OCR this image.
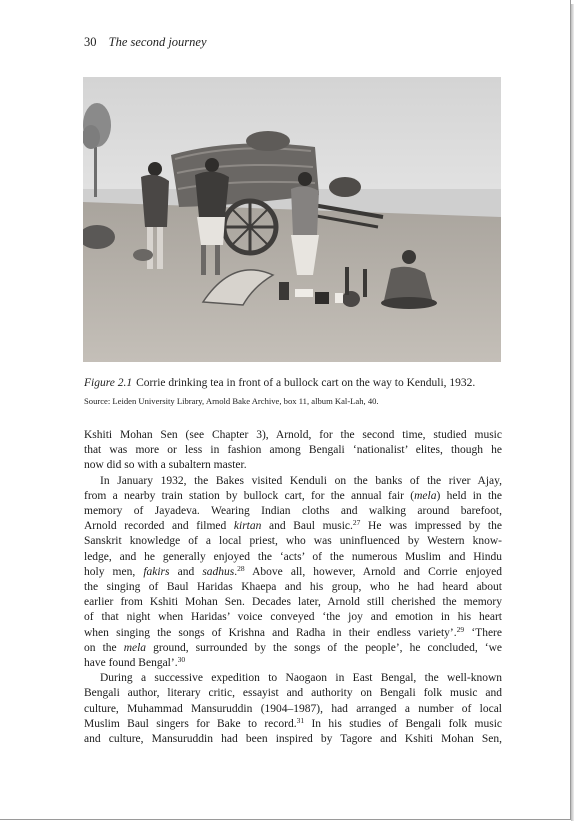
30 The second journey
Figure 2.1 Corrie drinking tea in front of a bullock cart on the way to Kenduli, 1932.
Source: Leiden University Library, Arnold Bake Archive, box 11, album Kal-Lah, 40.

Kshiti Mohan Sen (see Chapter 3), Arnold, for the second time, studied music
that was more or less in fashion among Bengali ‘nationalist’ elites, though he
now did so with a subaltern master.

In January 1932, the Bakes visited Kenduli on the banks of the river Ajay,
from a nearby train station by bullock cart, for the annual fair (mela) held in the
memory of Jayadeva. Wearing Indian cloths and walking around barefoot,
Arnold recorded and filmed kirtan and Baul music.$^{27}$ He was impressed by the
Sanskrit knowledge of a local priest, who was uninfluenced by Western know-
ledge, and he generally enjoyed the ‘acts’ of the numerous Muslim and Hindu
holy men, fakirs and sadhus.$^{28}$ Above all, however, Arnold and Corrie enjoyed
the singing of Baul Haridas Khaepa and his group, who he had heard about
earlier from Kshiti Mohan Sen. Decades later, Arnold still cherished the memory
of that night when Haridas’ voice conveyed ‘the joy and emotion in his heart
when singing the songs of Krishna and Radha in their endless variety’.$^{29}$ ‘There
on the mela ground, surrounded by the songs of the people’, he concluded, ‘we
have found Bengal’.$^{30}$

During a successive expedition to Naogaon in East Bengal, the well-known
Bengali author, literary critic, essayist and authority on Bengali folk music and
culture, Muhammad Mansuruddin (1904–1987), had arranged a number of local
Muslim Baul singers for Bake to record.$^{31}$ In his studies of Bengali folk music
and culture, Mansuruddin had been inspired by Tagore and Kshiti Mohan Sen,
